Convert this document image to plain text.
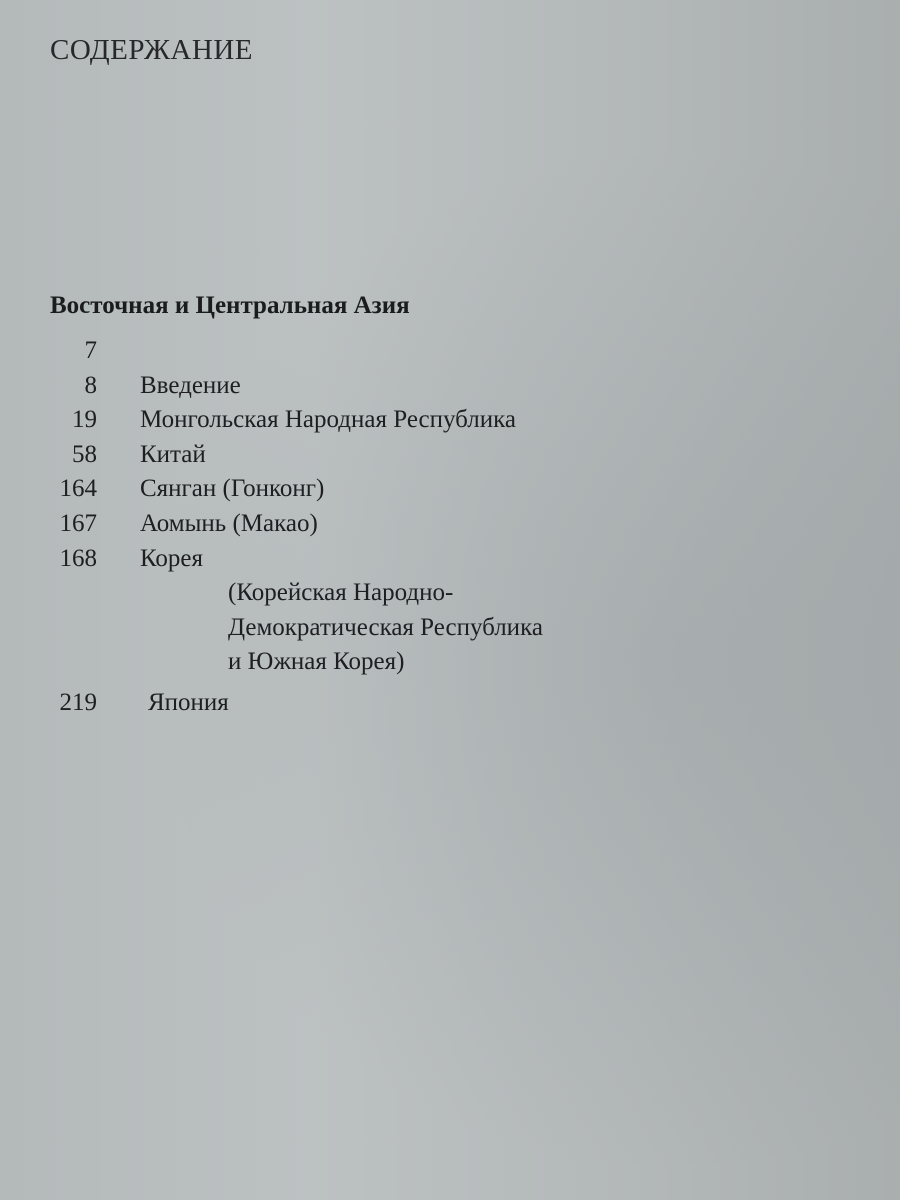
СОДЕРЖАНИЕ
Восточная и Центральная Азия
7
8 Введение
19 Монгольская Народная Республика
58 Китай
164 Сянган (Гонконг)
167 Аомынь (Макао)
168 Корея
(Корейская Народно-
Демократическая Республика
и Южная Корея)
219 Япония
